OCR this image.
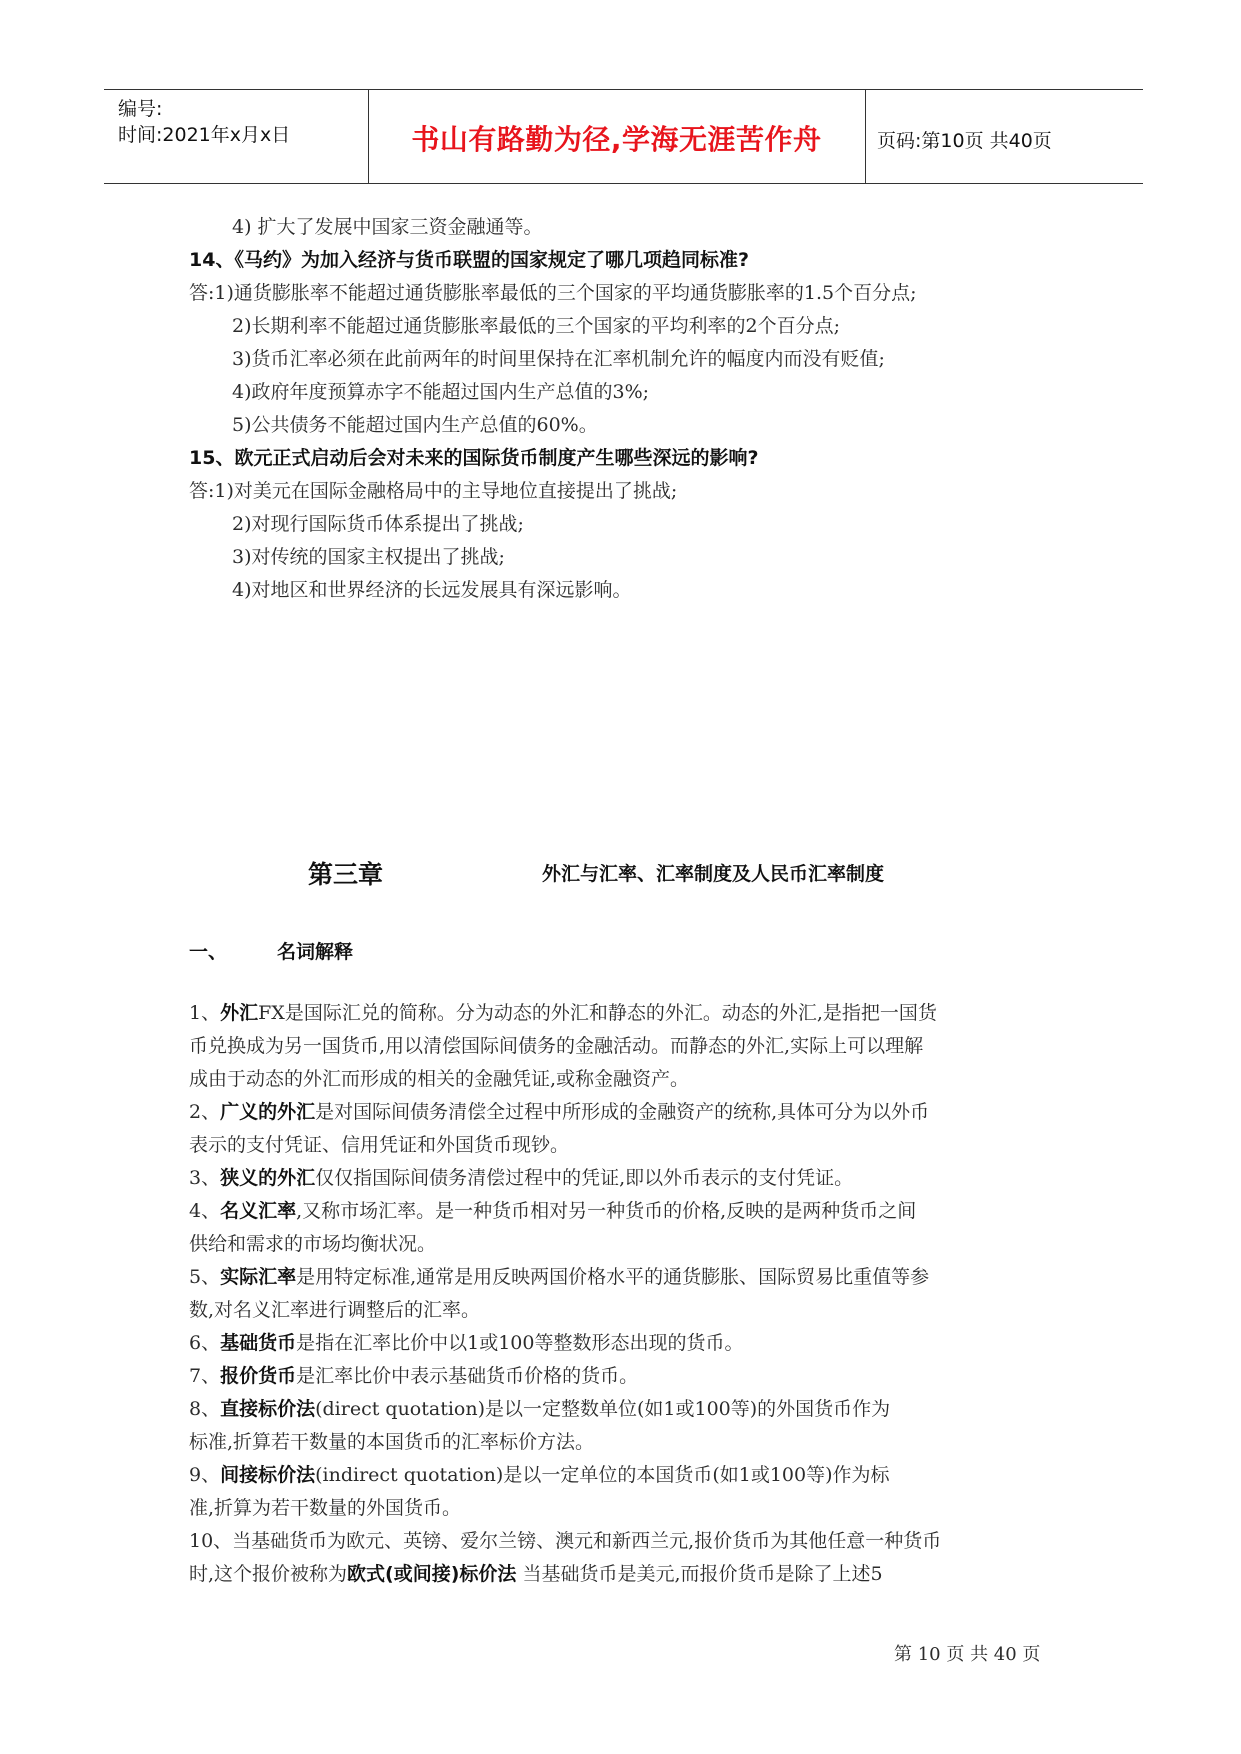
编号:
时间:2021年x月x日	书山有路勤为径,学海无涯苦作舟	页码:第10页 共40页
4) 扩大了发展中国家三资金融通等。
14、《马约》为加入经济与货币联盟的国家规定了哪几项趋同标准?
答:1)通货膨胀率不能超过通货膨胀率最低的三个国家的平均通货膨胀率的1.5个百分点;
2)长期利率不能超过通货膨胀率最低的三个国家的平均利率的2个百分点;
3)货币汇率必须在此前两年的时间里保持在汇率机制允许的幅度内而没有贬值;
4)政府年度预算赤字不能超过国内生产总值的3%;
5)公共债务不能超过国内生产总值的60%。
15、欧元正式启动后会对未来的国际货币制度产生哪些深远的影响?
答:1)对美元在国际金融格局中的主导地位直接提出了挑战;
2)对现行国际货币体系提出了挑战;
3)对传统的国家主权提出了挑战;
4)对地区和世界经济的长远发展具有深远影响。
第三章	外汇与汇率、汇率制度及人民币汇率制度
一、	名词解释
1、外汇FX是国际汇兑的简称。分为动态的外汇和静态的外汇。动态的外汇,是指把一国货
币兑换成为另一国货币,用以清偿国际间债务的金融活动。而静态的外汇,实际上可以理解
成由于动态的外汇而形成的相关的金融凭证,或称金融资产。
2、广义的外汇是对国际间债务清偿全过程中所形成的金融资产的统称,具体可分为以外币
表示的支付凭证、信用凭证和外国货币现钞。
3、狭义的外汇仅仅指国际间债务清偿过程中的凭证,即以外币表示的支付凭证。
4、名义汇率,又称市场汇率。是一种货币相对另一种货币的价格,反映的是两种货币之间
供给和需求的市场均衡状况。
5、实际汇率是用特定标准,通常是用反映两国价格水平的通货膨胀、国际贸易比重值等参
数,对名义汇率进行调整后的汇率。
6、基础货币是指在汇率比价中以1或100等整数形态出现的货币。
7、报价货币是汇率比价中表示基础货币价格的货币。
8、直接标价法(direct quotation)是以一定整数单位(如1或100等)的外国货币作为
标准,折算若干数量的本国货币的汇率标价方法。
9、间接标价法(indirect quotation)是以一定单位的本国货币(如1或100等)作为标
准,折算为若干数量的外国货币。
10、当基础货币为欧元、英镑、爱尔兰镑、澳元和新西兰元,报价货币为其他任意一种货币
时,这个报价被称为欧式(或间接)标价法 当基础货币是美元,而报价货币是除了上述5
第 10 页 共 40 页
